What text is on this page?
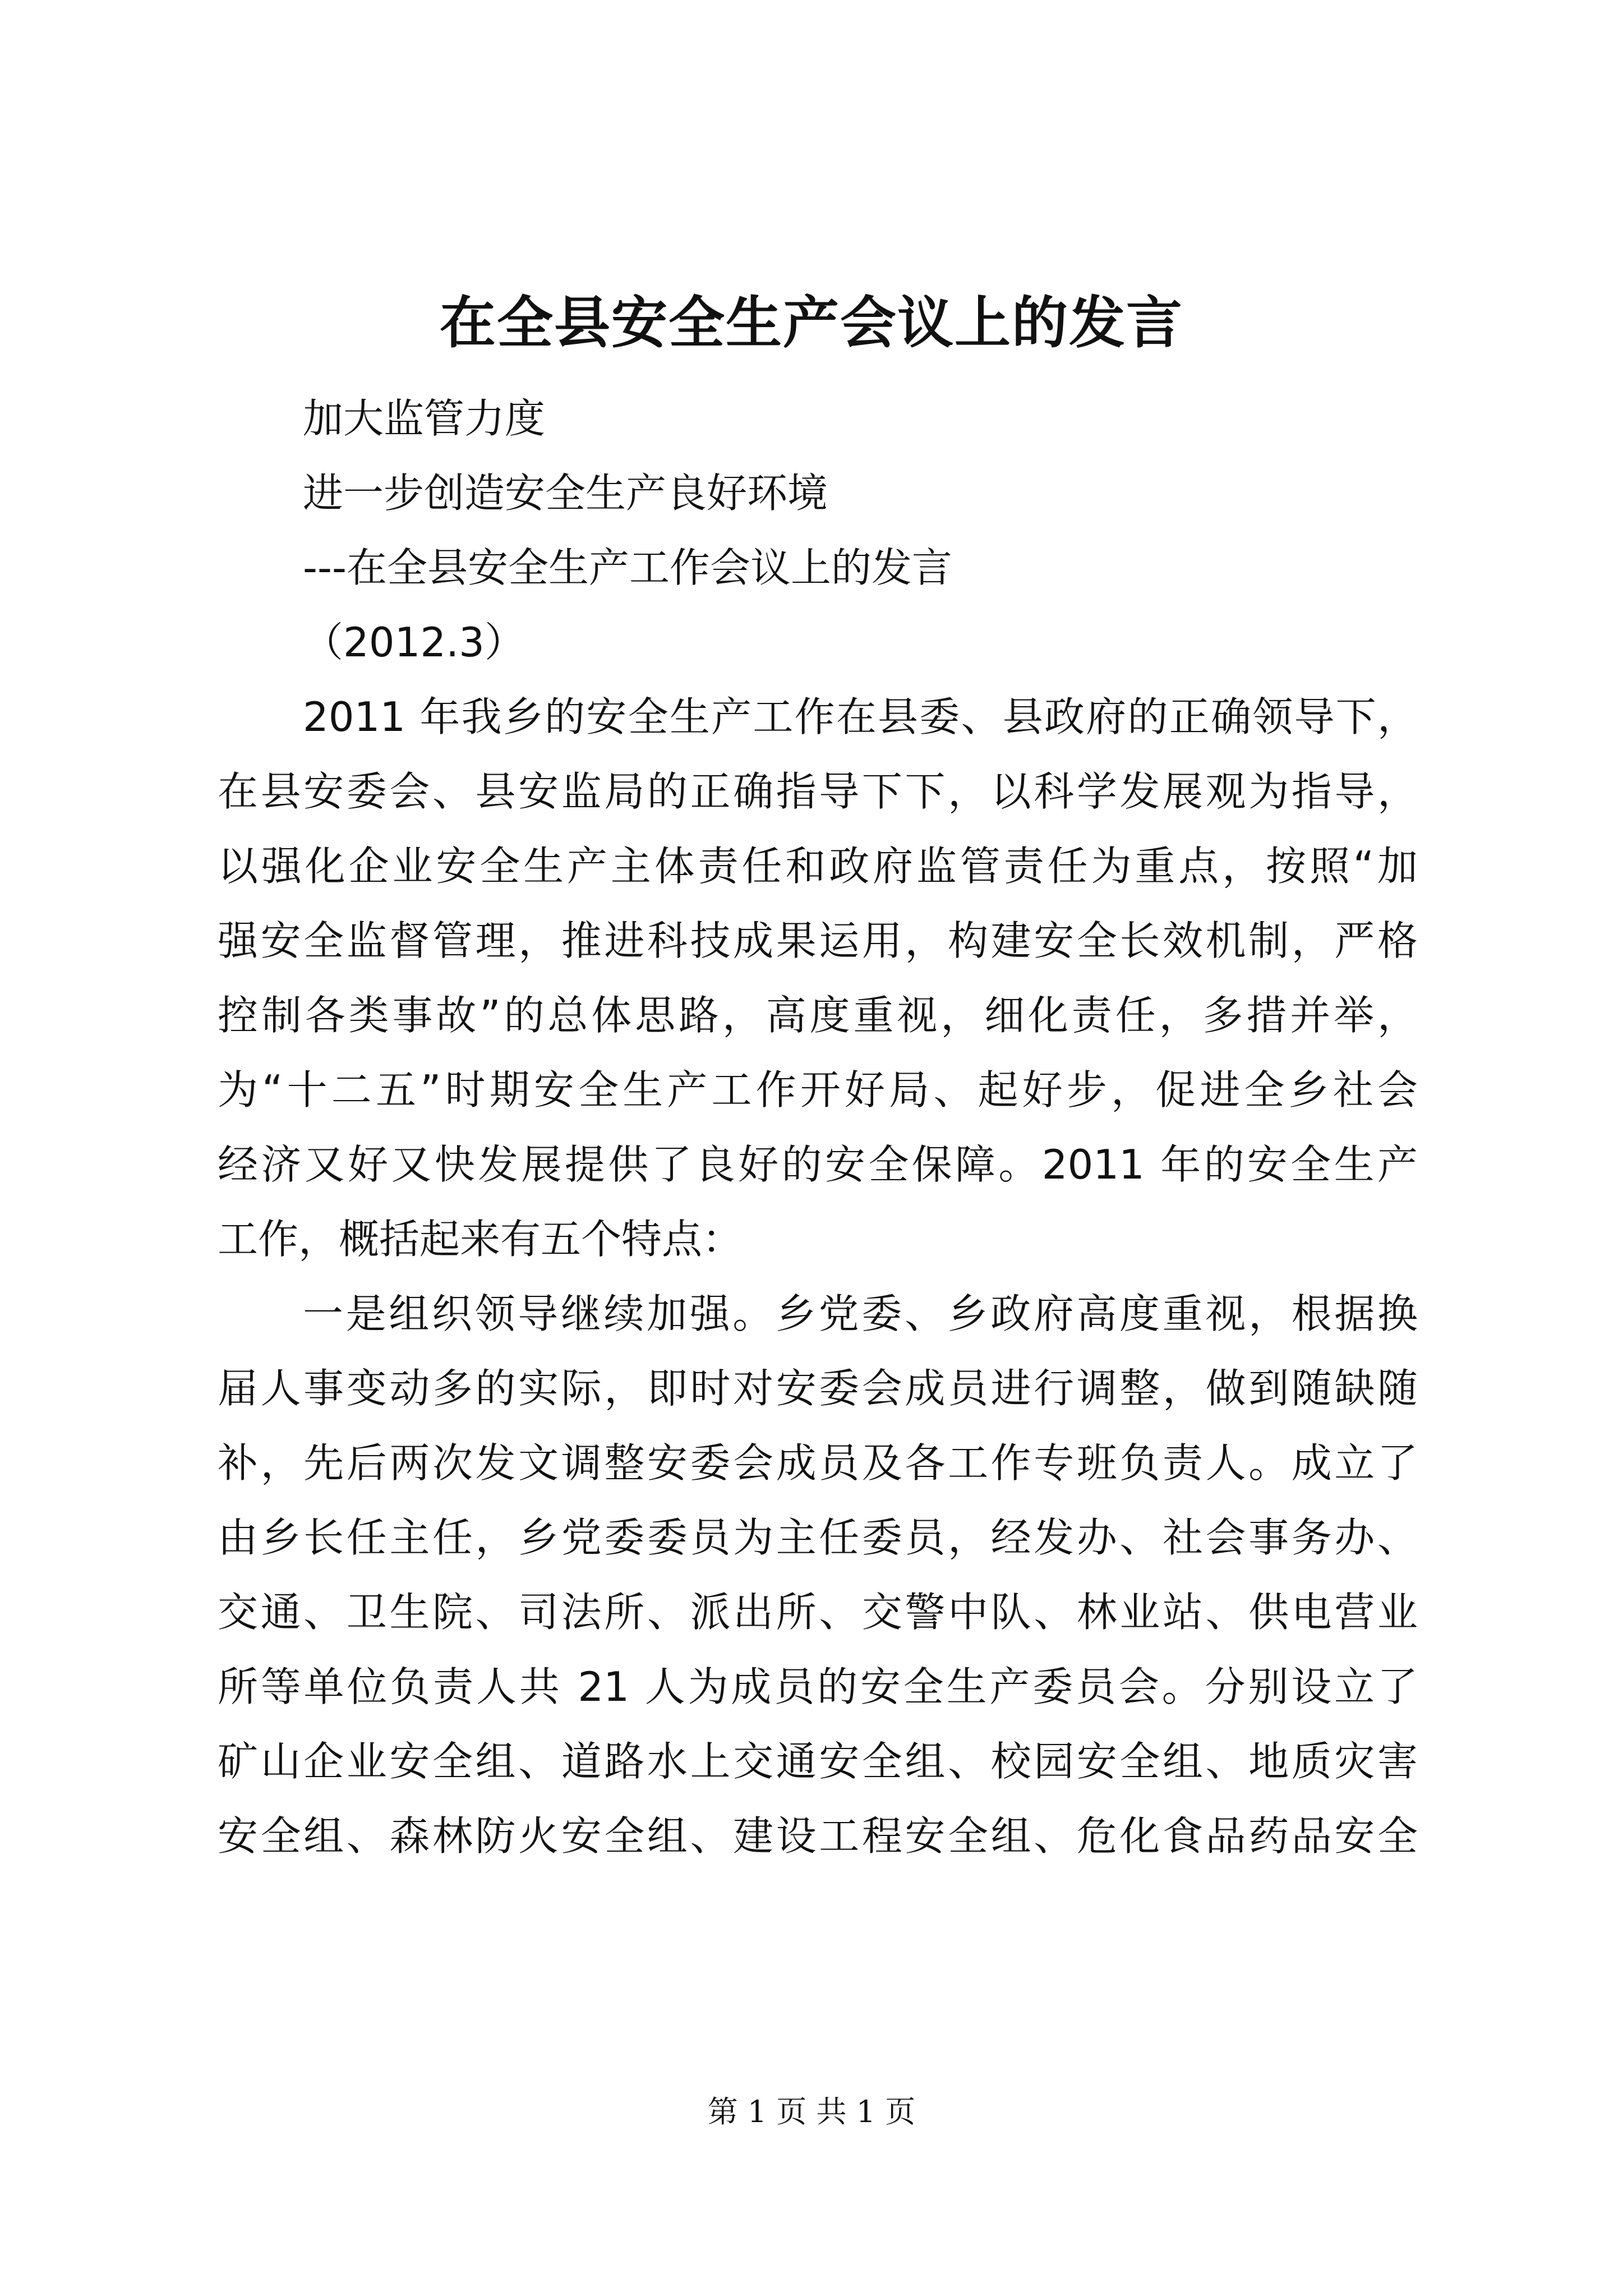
在全县安全生产会议上的发言
加大监管力度
进一步创造安全生产良好环境
---在全县安全生产工作会议上的发言
（2012.3）
2011 年我乡的安全生产工作在县委、县政府的正确领导下，
在县安委会、县安监局的正确指导下下，以科学发展观为指导，
以强化企业安全生产主体责任和政府监管责任为重点，按照“加
强安全监督管理，推进科技成果运用，构建安全长效机制，严格
控制各类事故”的总体思路，高度重视，细化责任，多措并举，
为“十二五”时期安全生产工作开好局、起好步，促进全乡社会
经济又好又快发展提供了良好的安全保障。2011 年的安全生产
工作，概括起来有五个特点：
一是组织领导继续加强。乡党委、乡政府高度重视，根据换
届人事变动多的实际，即时对安委会成员进行调整，做到随缺随
补，先后两次发文调整安委会成员及各工作专班负责人。成立了
由乡长任主任，乡党委委员为主任委员，经发办、社会事务办、
交通、卫生院、司法所、派出所、交警中队、林业站、供电营业
所等单位负责人共 21 人为成员的安全生产委员会。分别设立了
矿山企业安全组、道路水上交通安全组、校园安全组、地质灾害
安全组、森林防火安全组、建设工程安全组、危化食品药品安全
第 1 页 共 1 页
